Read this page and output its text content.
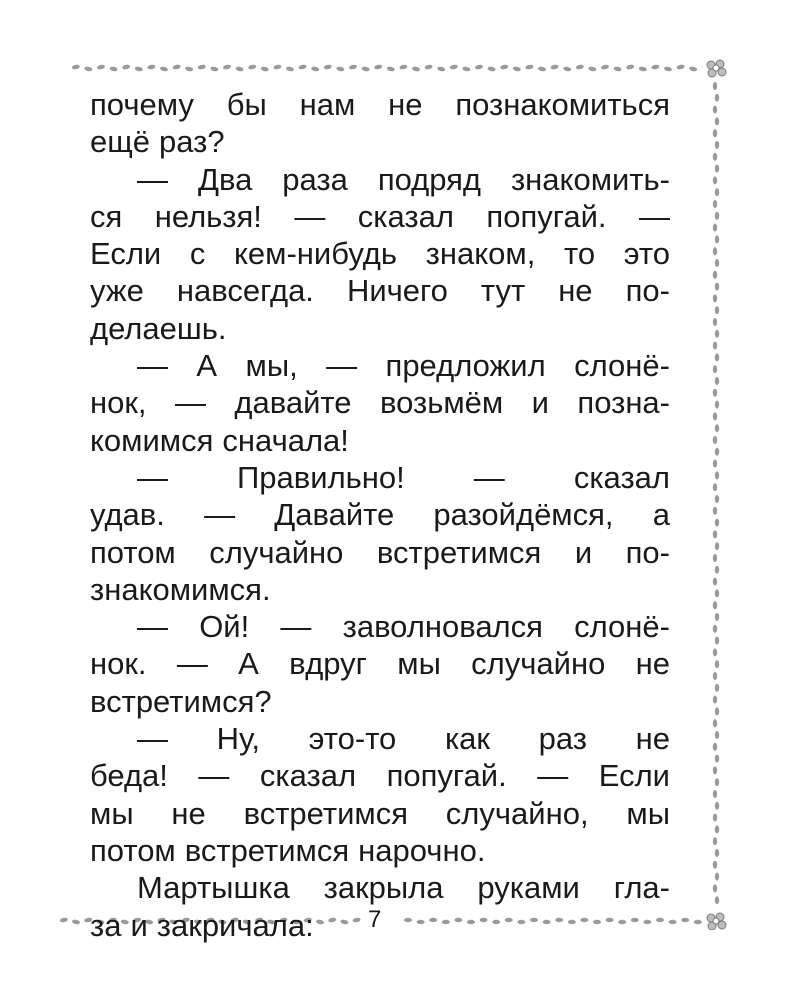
почему бы нам не познакомиться
ещё раз?
— Два раза подряд знакомить-
ся нельзя! — сказал попугай. —
Если с кем-нибудь знаком, то это
уже навсегда. Ничего тут не по-
делаешь.
— А мы, — предложил слонё-
нок, — давайте возьмём и позна-
комимся сначала!
— Правильно! — сказал
удав. — Давайте разойдёмся, а
потом случайно встретимся и по-
знакомимся.
— Ой! — заволновался слонё-
нок. — А вдруг мы случайно не
встретимся?
— Ну, это-то как раз не
беда! — сказал попугай. — Если
мы не встретимся случайно, мы
потом встретимся нарочно.
Мартышка закрыла руками гла-
за и закричала: 7
